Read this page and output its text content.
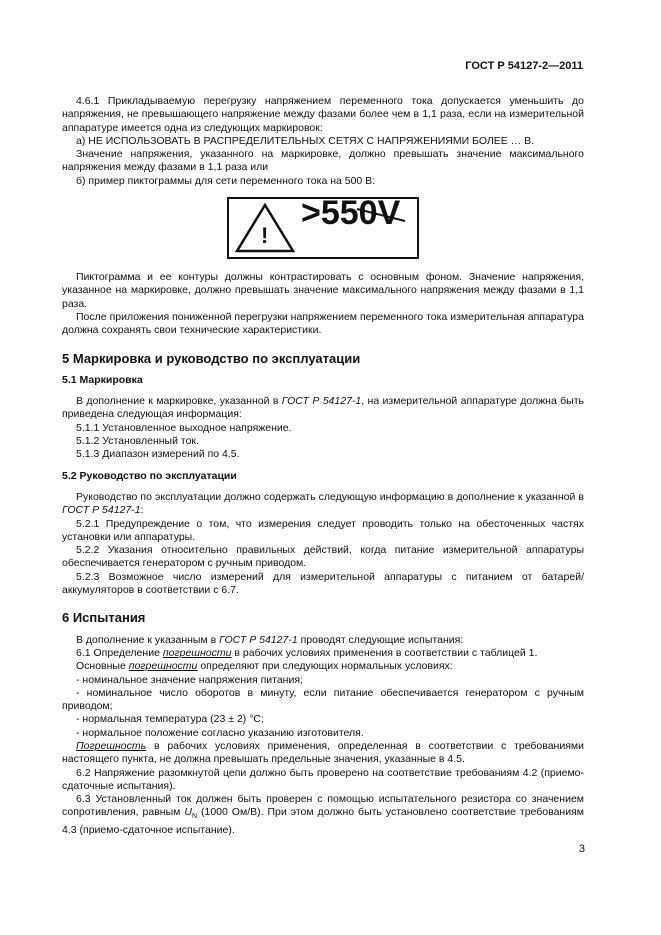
ГОСТ Р 54127-2—2011

4.6.1 Прикладываемую перегрузку напряжением переменного тока допускается уменьшить до напряжения, не превышающего напряжение между фазами более чем в 1,1 раза, если на измерительной аппаратуре имеется одна из следующих маркировок:

а) НЕ ИСПОЛЬЗОВАТЬ В РАСПРЕДЕЛИТЕЛЬНЫХ СЕТЯХ С НАПРЯЖЕНИЯМИ БОЛЕЕ … В.

Значение напряжения, указанного на маркировке, должно превышать значение максимального напряжения между фазами в 1,1 раза или

б) пример пиктограммы для сети переменного тока на 500 В:

!
>550V

Пиктограмма и ее контуры должны контрастировать с основным фоном. Значение напряжения, указанное на маркировке, должно превышать значение максимального напряжения между фазами в 1,1 раза.

После приложения пониженной перегрузки напряжением переменного тока измерительная аппаратура должна сохранять свои технические характеристики.

5 Маркировка и руководство по эксплуатации
5.1 Маркировка

В дополнение к маркировке, указанной в ГОСТ Р 54127-1, на измерительной аппаратуре должна быть приведена следующая информация:

5.1.1 Установленное выходное напряжение.

5.1.2 Установленный ток.

5.1.3 Диапазон измерений по 4.5.

5.2 Руководство по эксплуатации

Руководство по эксплуатации должно содержать следующую информацию в дополнение к указанной в ГОСТ Р 54127-1:

5.2.1 Предупреждение о том, что измерения следует проводить только на обесточенных частях установки или аппаратуры.

5.2.2 Указания относительно правильных действий, когда питание измерительной аппаратуры обеспечивается генератором с ручным приводом.

5.2.3 Возможное число измерений для измерительной аппаратуры с питанием от батарей/аккумуляторов в соответствии с 6.7.

6 Испытания

В дополнение к указанным в ГОСТ Р 54127-1 проводят следующие испытания:

6.1 Определение погрешности в рабочих условиях применения в соответствии с таблицей 1.

Основные погрешности определяют при следующих нормальных условиях:

- номинальное значение напряжения питания;

- номинальное число оборотов в минуту, если питание обеспечивается генератором с ручным приводом;

- нормальная температура (23 ± 2) °С;

- нормальное положение согласно указанию изготовителя.

Погрешность в рабочих условиях применения, определенная в соответствии с требованиями настоящего пункта, не должна превышать предельные значения, указанные в 4.5.

6.2 Напряжение разомкнутой цепи должно быть проверено на соответствие требованиям 4.2 (приемо-сдаточные испытания).

6.3 Установленный ток должен быть проверен с помощью испытательного резистора со значением сопротивления, равным $U_N$ (1000 Ом/В). При этом должно быть установлено соответствие требованиям 4.3 (приемо-сдаточное испытание).

3
